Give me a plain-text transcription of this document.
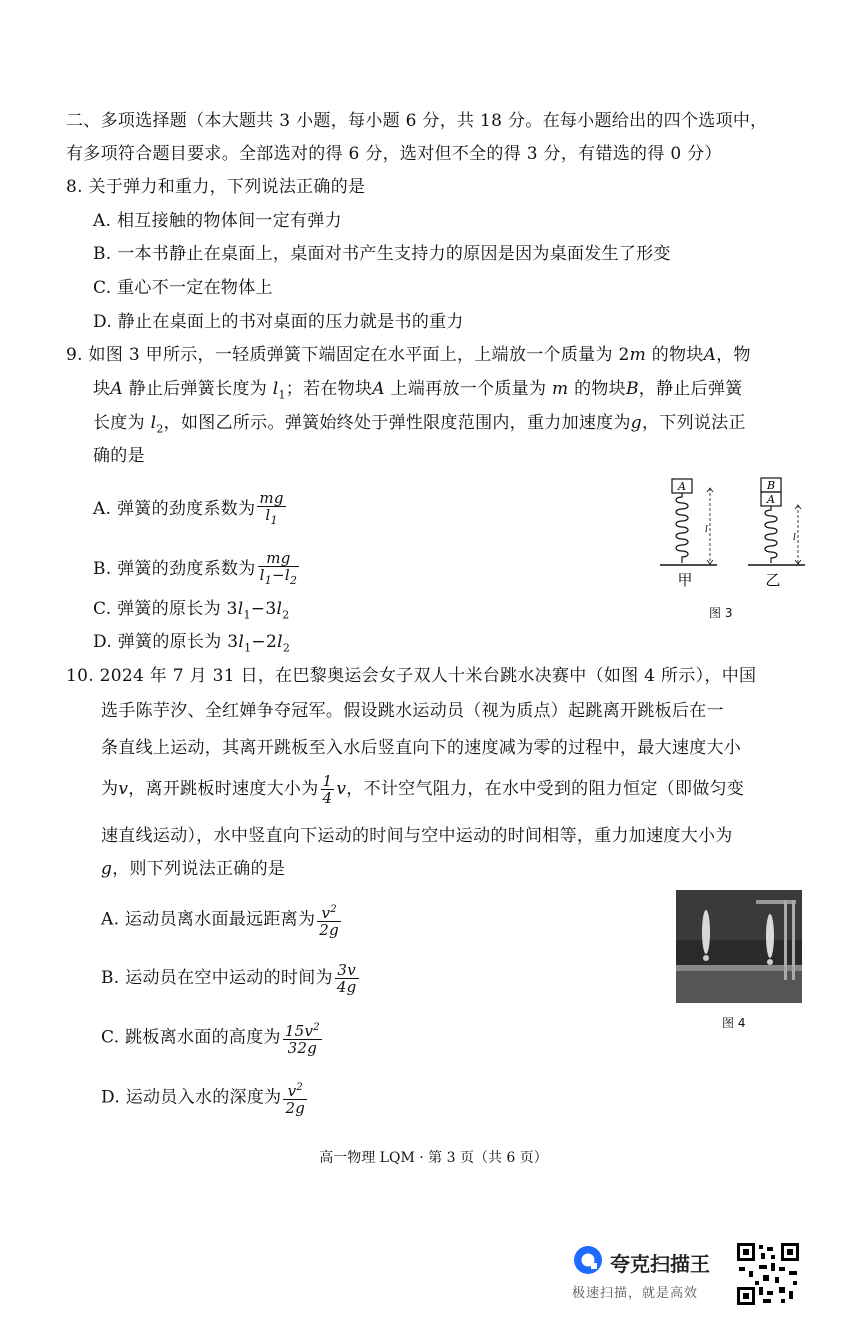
二、多项选择题（本大题共 3 小题，每小题 6 分，共 18 分。在每小题给出的四个选项中，
有多项符合题目要求。全部选对的得 6 分，选对但不全的得 3 分，有错选的得 0 分）
8. 关于弹力和重力，下列说法正确的是
A. 相互接触的物体间一定有弹力
B. 一本书静止在桌面上，桌面对书产生支持力的原因是因为桌面发生了形变
C. 重心不一定在物体上
D. 静止在桌面上的书对桌面的压力就是书的重力
9. 如图 3 甲所示，一轻质弹簧下端固定在水平面上，上端放一个质量为 2m 的物块A，物
块A 静止后弹簧长度为 $l_1$；若在物块A 上端再放一个质量为 m 的物块B，静止后弹簧
长度为 $l_2$，如图乙所示。弹簧始终处于弹性限度范围内，重力加速度为g，下列说法正
确的是
A. 弹簧的劲度系数为 $\frac{mg}{l_1}$
B. 弹簧的劲度系数为 $\frac{mg}{l_1-l_2}$
C. 弹簧的原长为 $3l_1-3l_2$
D. 弹簧的原长为 $3l_1-2l_2$
A
l
B
A
l
甲	乙
图 3
10. 2024 年 7 月 31 日，在巴黎奥运会女子双人十米台跳水决赛中（如图 4 所示），中国
选手陈芋汐、全红婵争夺冠军。假设跳水运动员（视为质点）起跳离开跳板后在一
条直线上运动，其离开跳板至入水后竖直向下的速度减为零的过程中，最大速度大小
为v，离开跳板时速度大小为 $\frac{1}{4}$ v，不计空气阻力，在水中受到的阻力恒定（即做匀变
速直线运动），水中竖直向下运动的时间与空中运动的时间相等，重力加速度大小为
g，则下列说法正确的是
A. 运动员离水面最远距离为 $\frac{v^2}{2g}$
B. 运动员在空中运动的时间为 $\frac{3v}{4g}$
C. 跳板离水面的高度为 $\frac{15v^2}{32g}$
D. 运动员入水的深度为 $\frac{v^2}{2g}$
图 4
高一物理 LQM · 第 3 页（共 6 页）
夸克扫描王
极速扫描，就是高效
